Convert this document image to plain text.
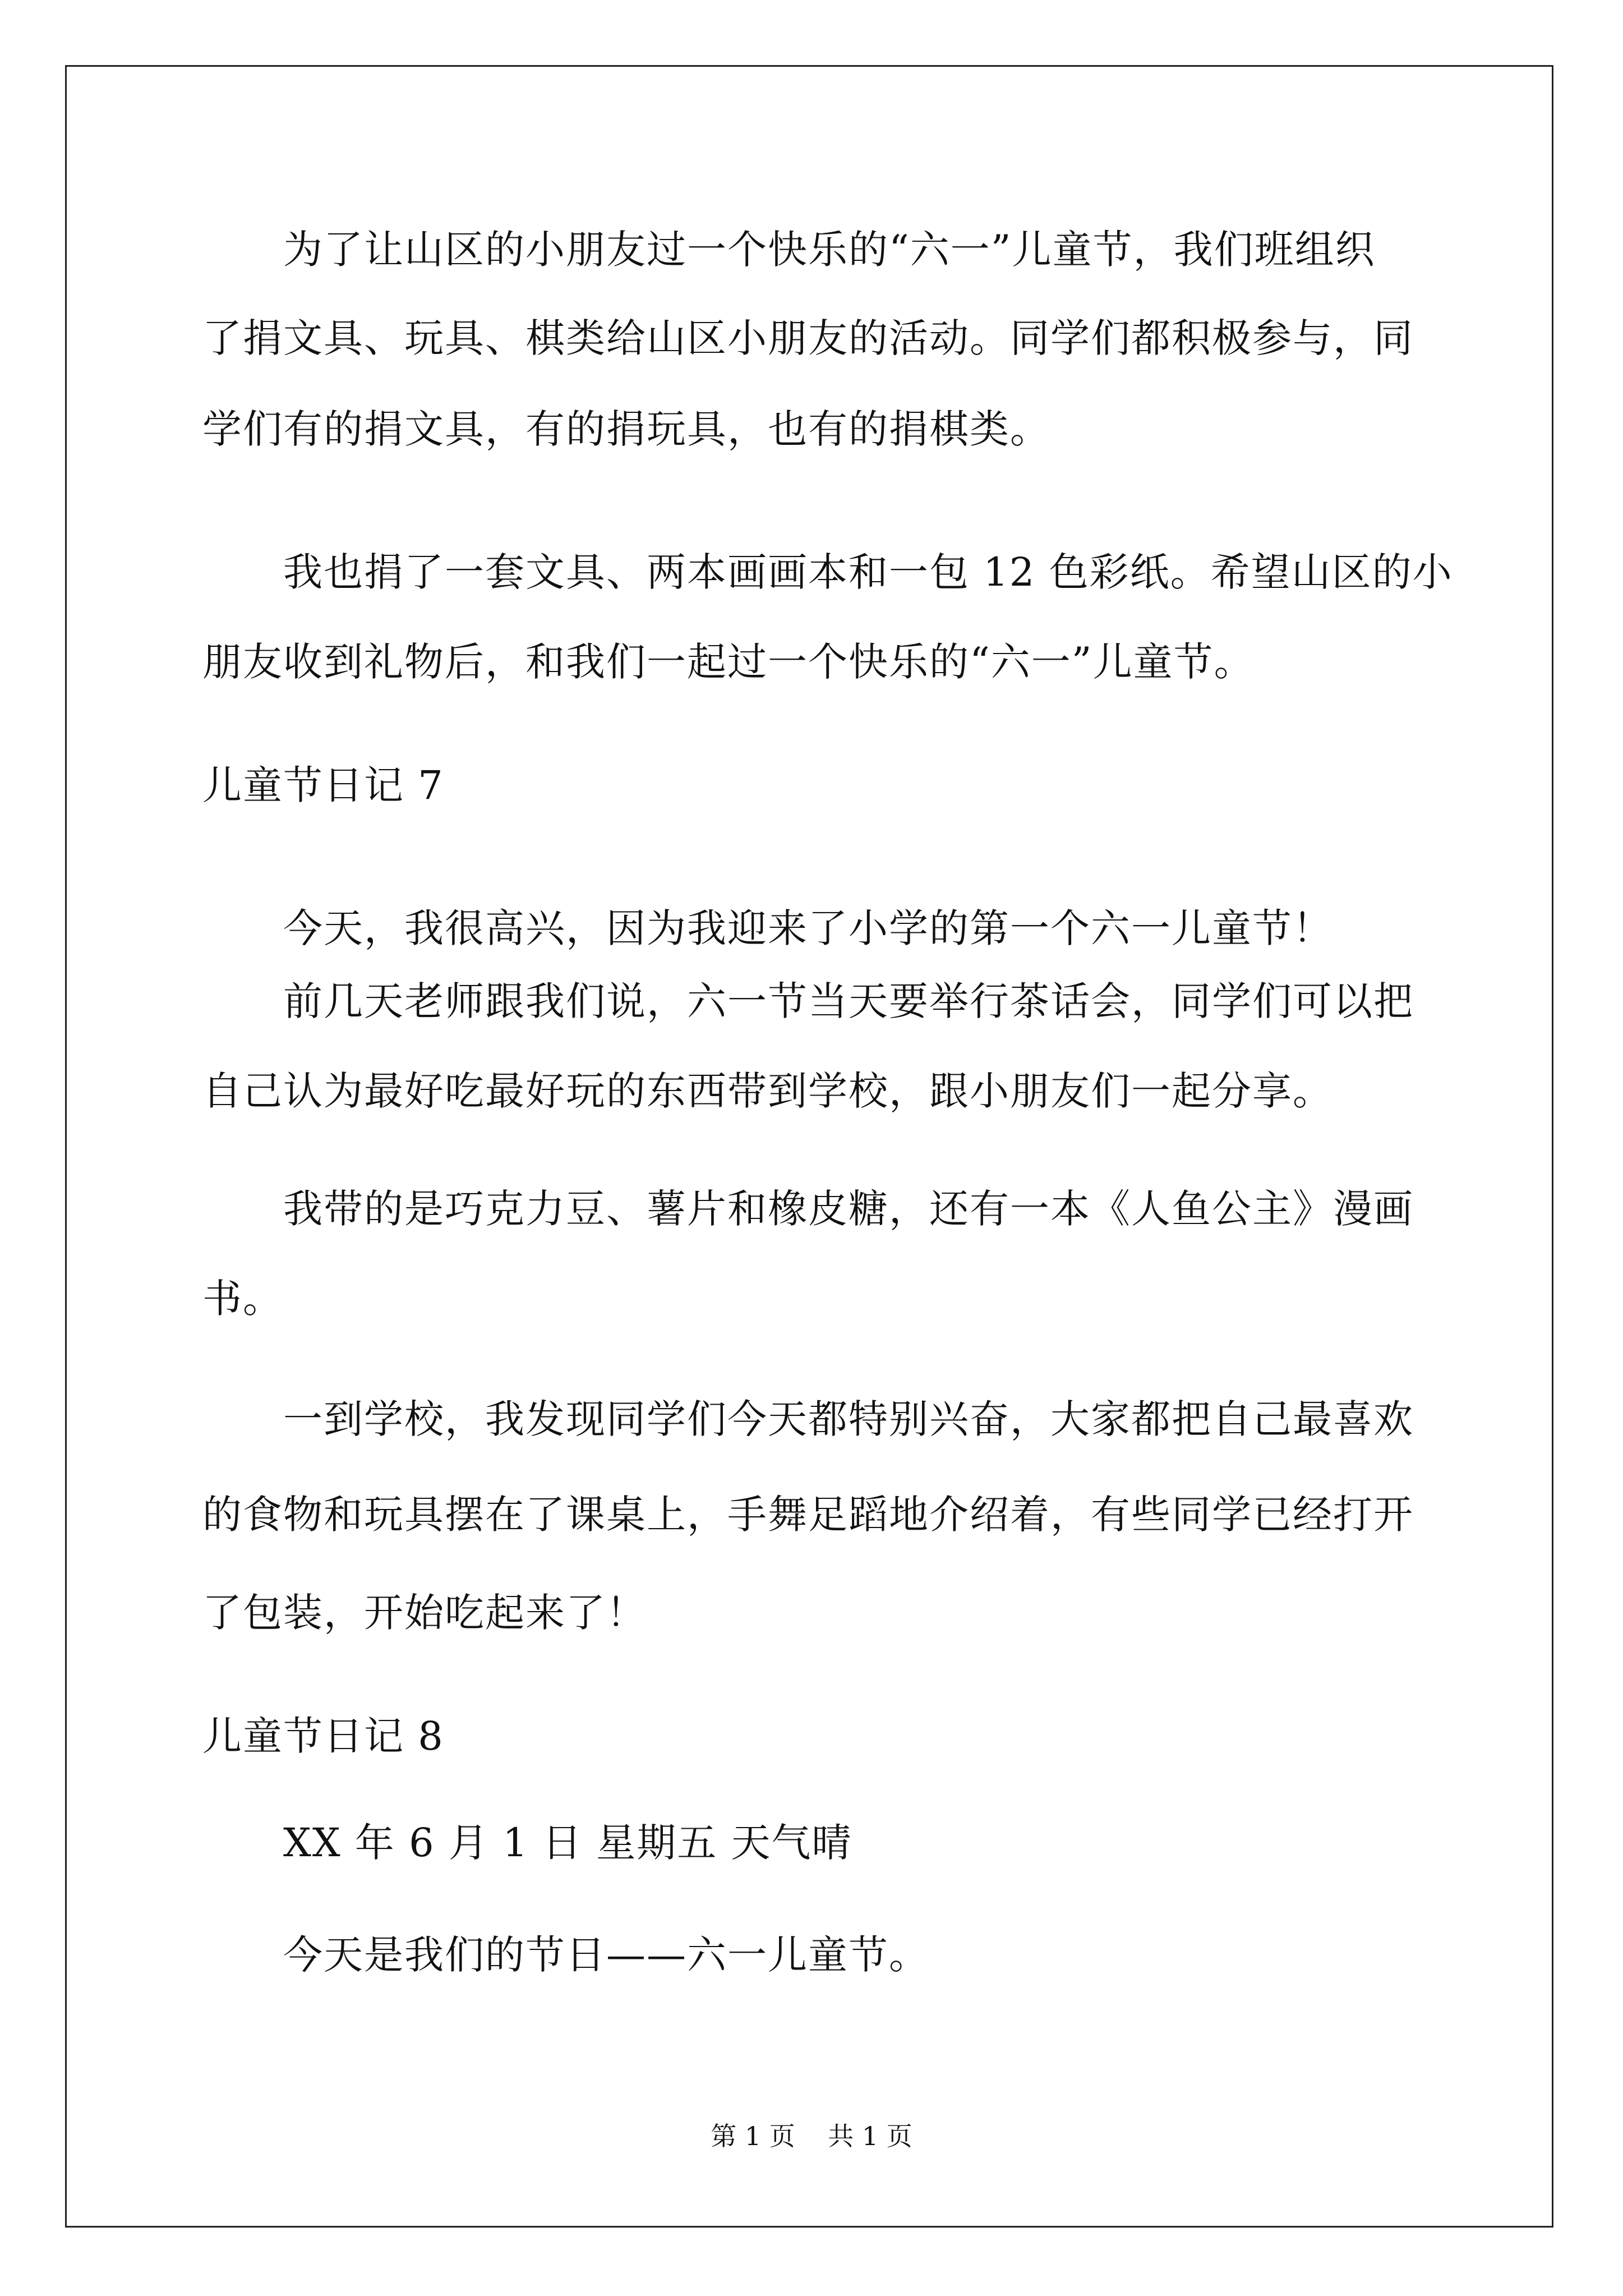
为了让山区的小朋友过一个快乐的“六一”儿童节，我们班组织
了捐文具、玩具、棋类给山区小朋友的活动。同学们都积极参与，同
学们有的捐文具，有的捐玩具，也有的捐棋类。
我也捐了一套文具、两本画画本和一包 12 色彩纸。希望山区的小
朋友收到礼物后，和我们一起过一个快乐的“六一”儿童节。
儿童节日记 7
今天，我很高兴，因为我迎来了小学的第一个六一儿童节！
前几天老师跟我们说，六一节当天要举行茶话会，同学们可以把
自己认为最好吃最好玩的东西带到学校，跟小朋友们一起分享。
我带的是巧克力豆、薯片和橡皮糖，还有一本《人鱼公主》漫画
书。
一到学校，我发现同学们今天都特别兴奋，大家都把自己最喜欢
的食物和玩具摆在了课桌上，手舞足蹈地介绍着，有些同学已经打开
了包装，开始吃起来了！
儿童节日记 8
XX 年 6 月 1 日 星期五 天气晴
今天是我们的节日——六一儿童节。
第 1 页    共 1 页
